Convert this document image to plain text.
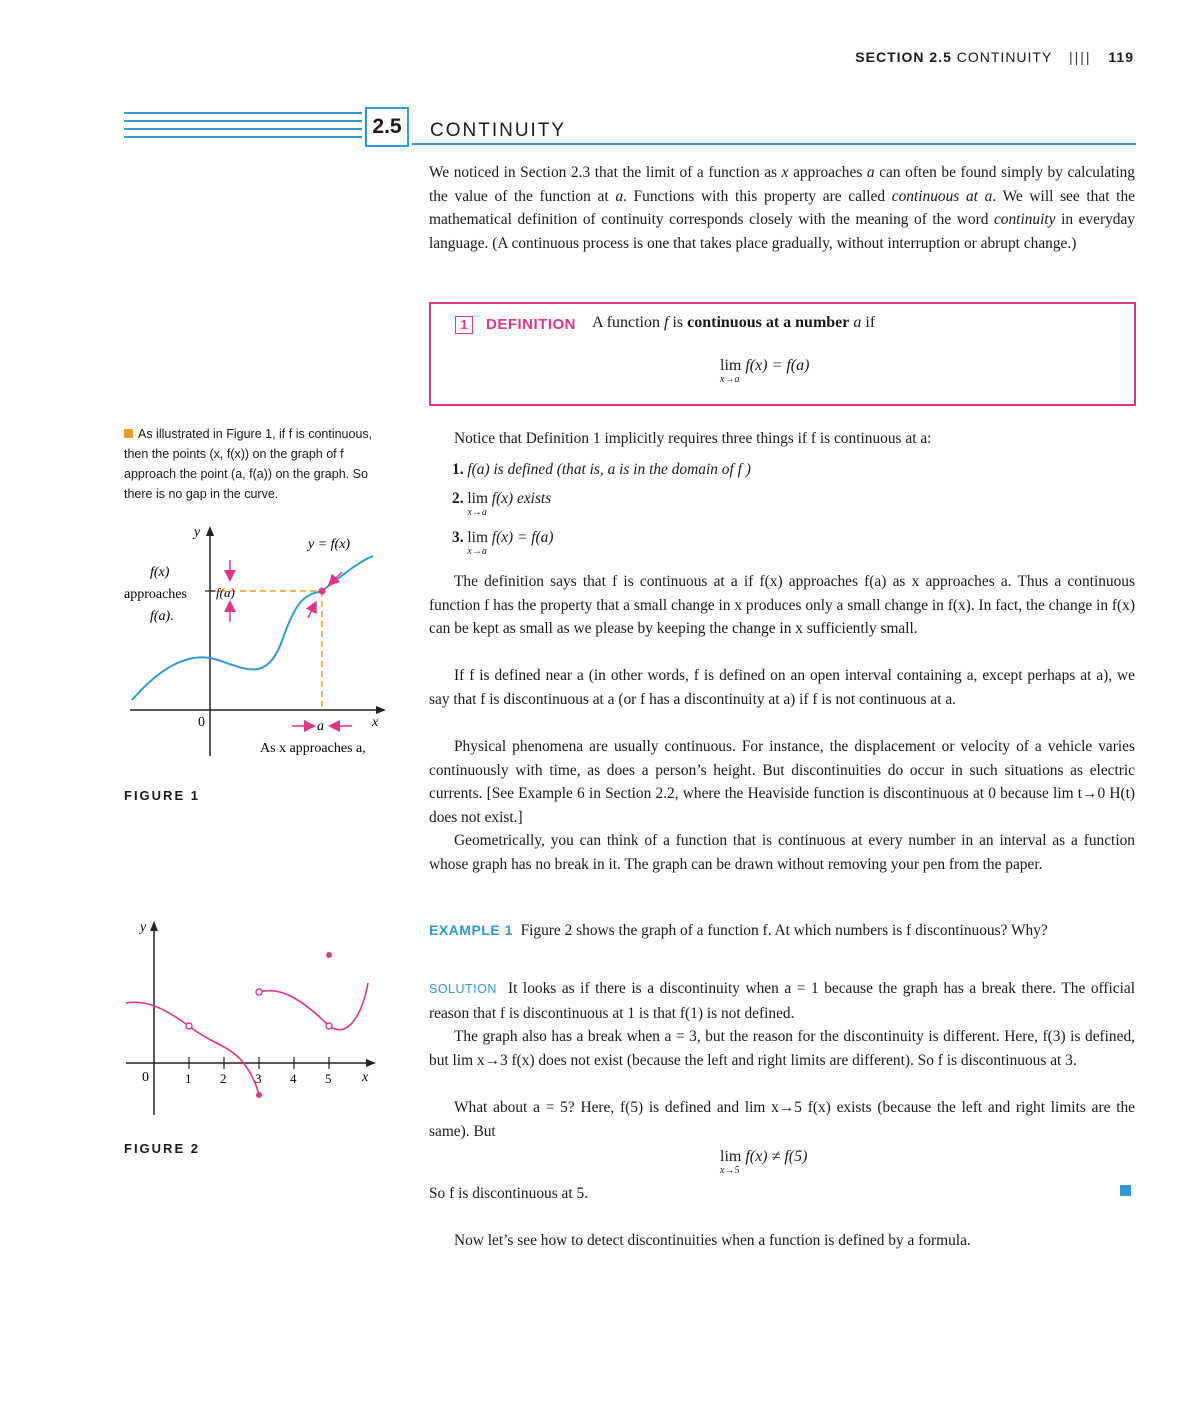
SECTION 2.5 CONTINUITY |||| 119
2.5	CONTINUITY
We noticed in Section 2.3 that the limit of a function as x approaches a can often be found simply by calculating the value of the function at a. Functions with this property are called continuous at a. We will see that the mathematical definition of continuity corresponds closely with the meaning of the word continuity in everyday language. (A continuous process is one that takes place gradually, without interruption or abrupt change.)
1	DEFINITION A function f is continuous at a number a if
lim
x→a
f(x) = f(a)
As illustrated in Figure 1, if f is continuous, then the points (x, f(x)) on the graph of f approach the point (a, f(a)) on the graph. So there is no gap in the curve.
y
x
0
y = f(x)
f(x)
approaches
f(a).
f(a)
a
As x approaches a,
FIGURE 1
Notice that Definition 1 implicitly requires three things if f is continuous at a:
1. f(a) is defined (that is, a is in the domain of f )
2. lim
x→a
f(x) exists
3. lim
x→a
f(x) = f(a)
The definition says that f is continuous at a if f(x) approaches f(a) as x approaches a. Thus a continuous function f has the property that a small change in x produces only a small change in f(x). In fact, the change in f(x) can be kept as small as we please by keeping the change in x sufficiently small.
If f is defined near a (in other words, f is defined on an open interval containing a, except perhaps at a), we say that f is discontinuous at a (or f has a discontinuity at a) if f is not continuous at a.
Physical phenomena are usually continuous. For instance, the displacement or velocity of a vehicle varies continuously with time, as does a person’s height. But discontinuities do occur in such situations as electric currents. [See Example 6 in Section 2.2, where the Heaviside function is discontinuous at 0 because lim t→0 H(t) does not exist.]
Geometrically, you can think of a function that is continuous at every number in an interval as a function whose graph has no break in it. The graph can be drawn without removing your pen from the paper.
EXAMPLE 1 Figure 2 shows the graph of a function f. At which numbers is f discontinuous? Why?
SOLUTION It looks as if there is a discontinuity when a = 1 because the graph has a break there. The official reason that f is discontinuous at 1 is that f(1) is not defined.
The graph also has a break when a = 3, but the reason for the discontinuity is different. Here, f(3) is defined, but lim x→3 f(x) does not exist (because the left and right limits are different). So f is discontinuous at 3.
What about a = 5? Here, f(5) is defined and lim x→5 f(x) exists (because the left and right limits are the same). But
lim
x→5
f(x) ≠ f(5)
So f is discontinuous at 5.
Now let’s see how to detect discontinuities when a function is defined by a formula.
y
x
0	1 2 3 4 5
FIGURE 2
